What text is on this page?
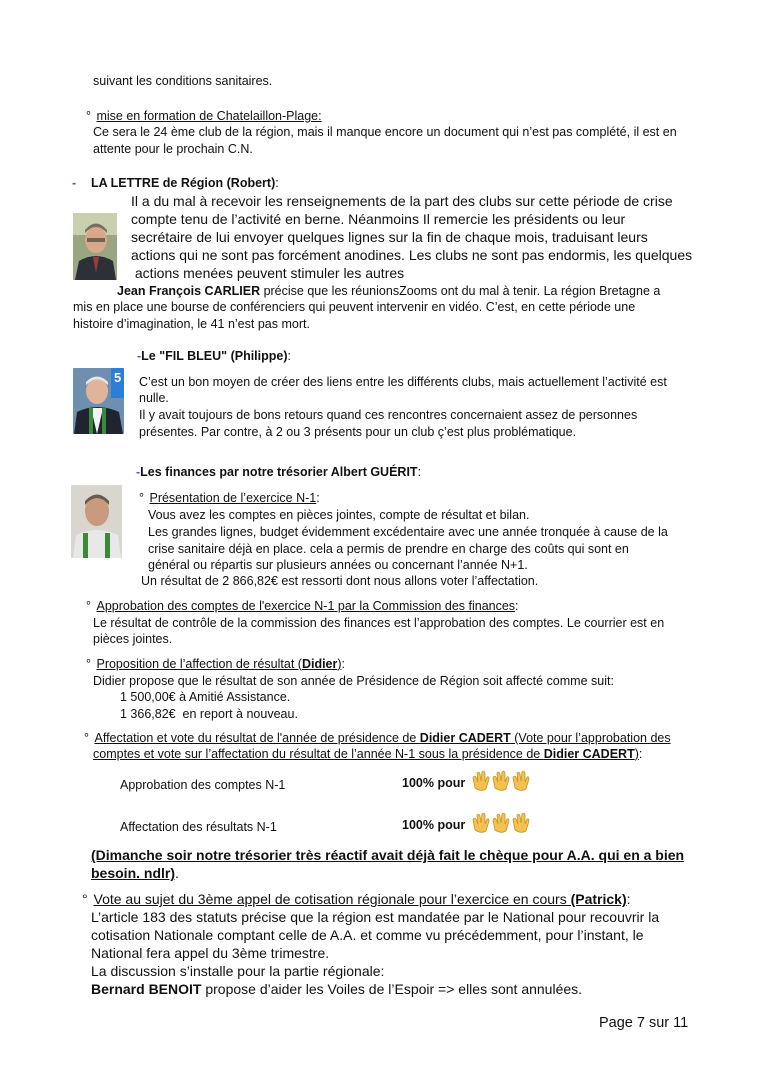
suivant les conditions sanitaires.
° mise en formation de Chatelaillon-Plage:
Ce sera le 24 ème club de la région, mais il manque encore un document qui n’est pas complété, il est en
attente pour le prochain C.N.
- LA LETTRE de Région (Robert):
Il a du mal à recevoir les renseignements de la part des clubs sur cette période de crise
compte tenu de l’activité en berne. Néanmoins Il remercie les présidents ou leur
secrétaire de lui envoyer quelques lignes sur la fin de chaque mois, traduisant leurs
actions qui ne sont pas forcément anodines. Les clubs ne sont pas endormis, les quelques
actions menées peuvent stimuler les autres
Jean François CARLIER précise que les réunionsZooms ont du mal à tenir. La région Bretagne a
mis en place une bourse de conférenciers qui peuvent intervenir en vidéo. C’est, en cette période une
histoire d’imagination, le 41 n’est pas mort.
-Le "FIL BLEU" (Philippe):
5 C’est un bon moyen de créer des liens entre les différents clubs, mais actuellement l’activité est
nulle.
Il y avait toujours de bons retours quand ces rencontres concernaient assez de personnes
présentes. Par contre, à 2 ou 3 présents pour un club ç’est plus problématique.
-Les finances par notre trésorier Albert GUÉRIT:
° Présentation de l’exercice N-1:
Vous avez les comptes en pièces jointes, compte de résultat et bilan.
Les grandes lignes, budget évidemment excédentaire avec une année tronquée à cause de la
crise sanitaire déjà en place. cela a permis de prendre en charge des coûts qui sont en
général ou répartis sur plusieurs années ou concernant l’année N+1.
Un résultat de 2 866,82€ est ressorti dont nous allons voter l’affectation.
° Approbation des comptes de l'exercice N-1 par la Commission des finances:
Le résultat de contrôle de la commission des finances est l’approbation des comptes. Le courrier est en
pièces jointes.
° Proposition de l’affection de résultat (Didier):
Didier propose que le résultat de son année de Présidence de Région soit affecté comme suit:
1 500,00€ à Amitié Assistance.
1 366,82€  en report à nouveau.
° Affectation et vote du résultat de l'année de présidence de Didier CADERT (Vote pour l’approbation des
comptes et vote sur l’affectation du résultat de l’année N-1 sous la présidence de Didier CADERT):
Approbation des comptes N-1	100% pour
Affectation des résultats N-1	100% pour
(Dimanche soir notre trésorier très réactif avait déjà fait le chèque pour A.A. qui en a bien
besoin. ndlr).
° Vote au sujet du 3ème appel de cotisation régionale pour l’exercice en cours (Patrick):
L’article 183 des statuts précise que la région est mandatée par le National pour recouvrir la
cotisation Nationale comptant celle de A.A. et comme vu précédemment, pour l’instant, le
National fera appel du 3ème trimestre.
La discussion s’installe pour la partie régionale:
Bernard BENOIT propose d’aider les Voiles de l’Espoir => elles sont annulées.
Page 7 sur 11
